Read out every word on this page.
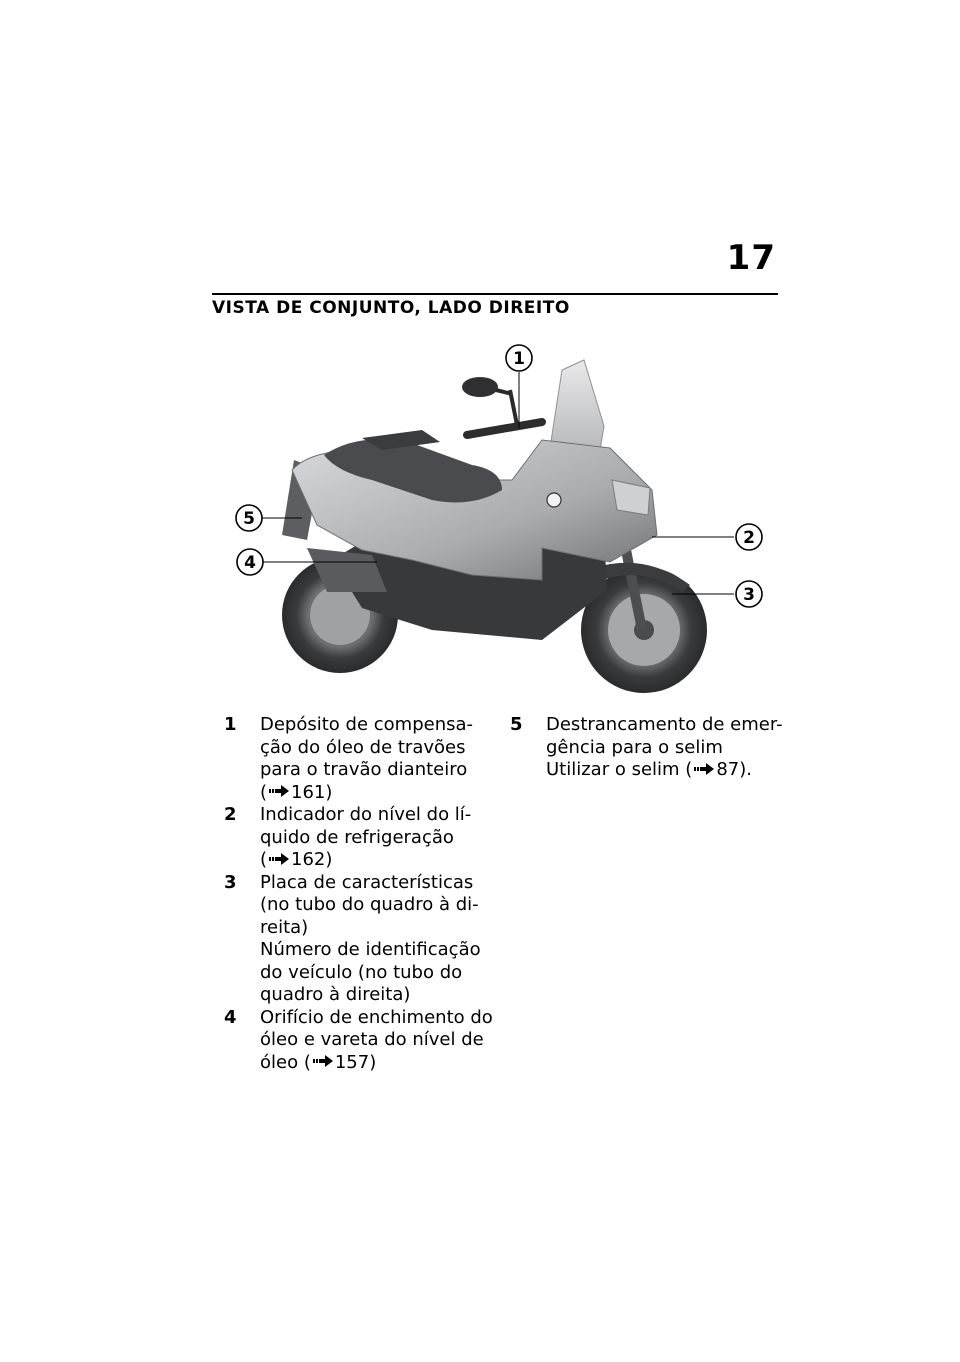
17
VISTA DE CONJUNTO, LADO DIREITO
1
2
3
4
5
1 Depósito de compensa-
ção do óleo de travões
para o travão dianteiro
( 161)
2 Indicador do nível do lí-
quido de refrigeração
( 162)
3 Placa de características
(no tubo do quadro à di-
reita)
Número de identificação
do veículo (no tubo do
quadro à direita)
4 Orifício de enchimento do
óleo e vareta do nível de
óleo ( 157)
5 Destrancamento de emer-
gência para o selim
Utilizar o selim ( 87).
